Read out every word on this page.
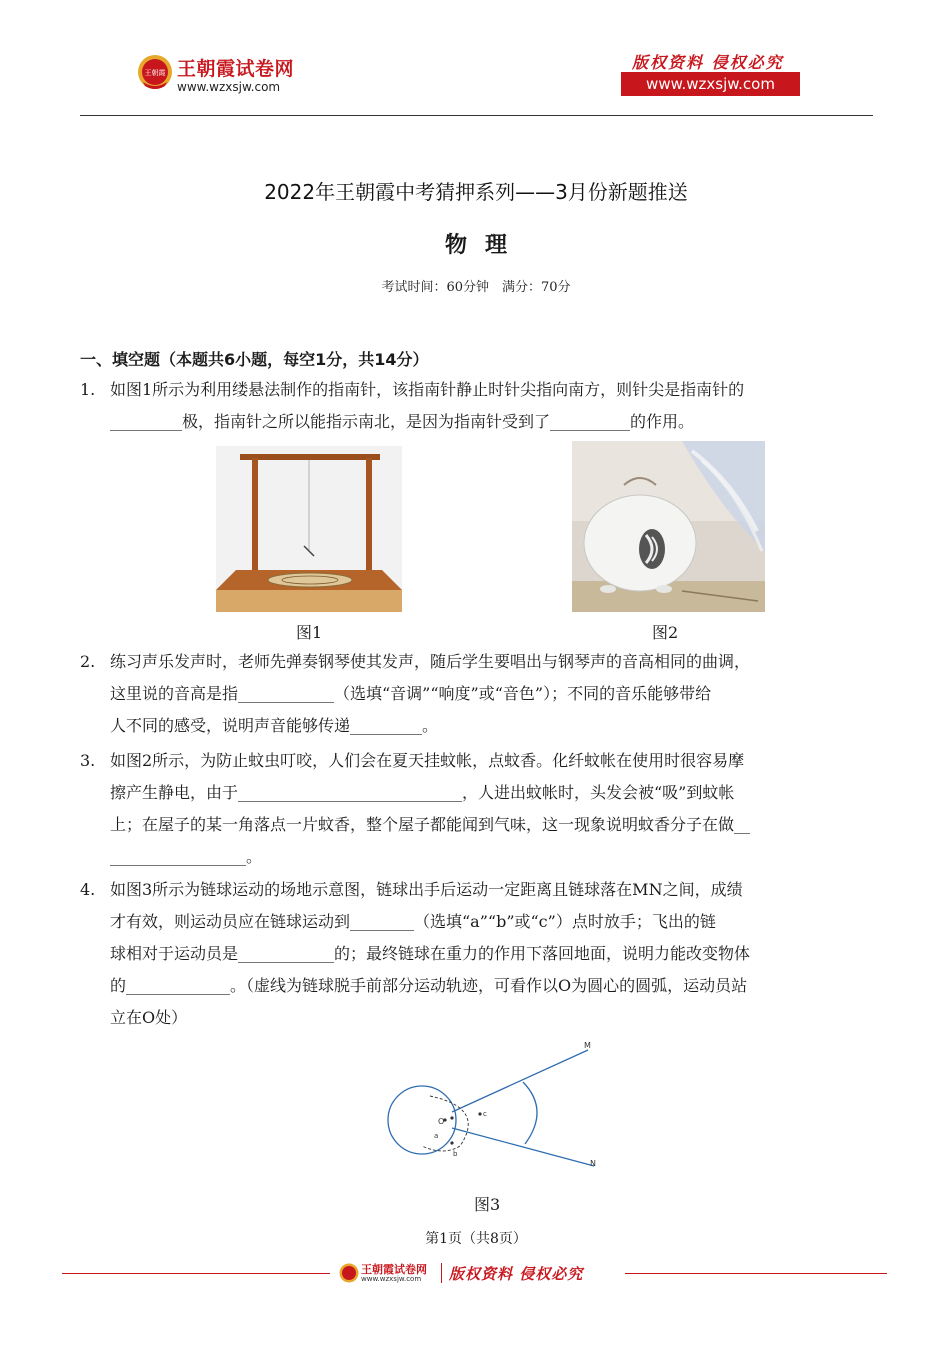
王朝霞 王朝霞试卷网
www.wzxsjw.com
版权资料 侵权必究
www.wzxsjw.com
2022年王朝霞中考猜押系列——3月份新题推送
物理
考试时间：60分钟　满分：70分
一、填空题（本题共6小题，每空1分，共14分）
1. 如图1所示为利用缕悬法制作的指南针，该指南针静止时针尖指向南方，则针尖是指南针的
_________极，指南针之所以能指示南北，是因为指南针受到了__________的作用。
图1	图2
2. 练习声乐发声时，老师先弹奏钢琴使其发声，随后学生要唱出与钢琴声的音高相同的曲调，
这里说的音高是指____________（选填“音调”“响度”或“音色”）；不同的音乐能够带给
人不同的感受，说明声音能够传递_________。
3. 如图2所示，为防止蚊虫叮咬，人们会在夏天挂蚊帐，点蚊香。化纤蚊帐在使用时很容易摩
擦产生静电，由于____________________________，人进出蚊帐时，头发会被“吸”到蚊帐
上；在屋子的某一角落点一片蚊香，整个屋子都能闻到气味，这一现象说明蚊香分子在做__
_________________。
4. 如图3所示为链球运动的场地示意图，链球出手后运动一定距离且链球落在MN之间，成绩
才有效，则运动员应在链球运动到________（选填“a”“b”或“c”）点时放手；飞出的链
球相对于运动员是____________的；最终链球在重力的作用下落回地面，说明力能改变物体
的_____________。（虚线为链球脱手前部分运动轨迹，可看作以O为圆心的圆弧，运动员站
立在O处）
M
N
O
a
b
c
图3
第1页（共8页）
王朝霞试卷网
www.wzxsjw.com 版权资料 侵权必究
